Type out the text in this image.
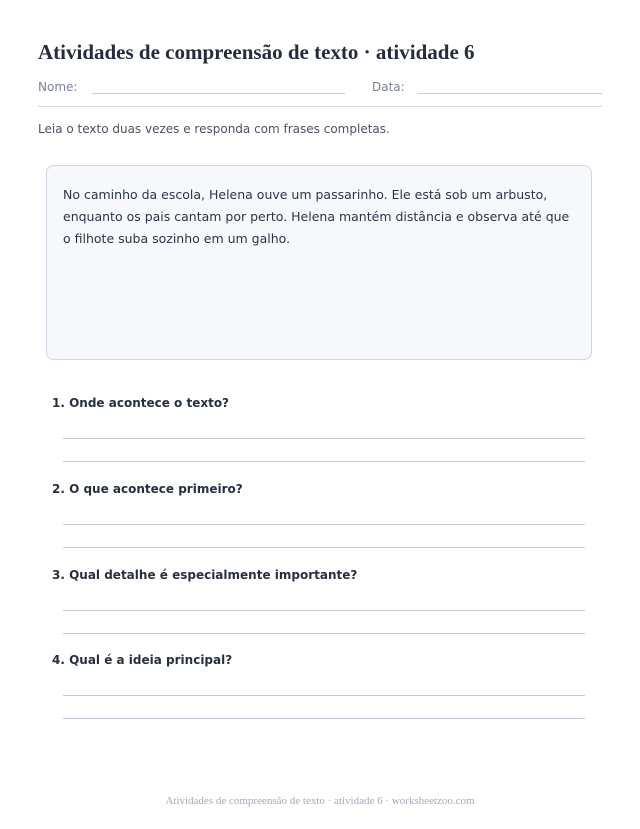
Atividades de compreensão de texto · atividade 6
Nome:	Data:
Leia o texto duas vezes e responda com frases completas.

No caminho da escola, Helena ouve um passarinho. Ele está sob um arbusto, enquanto os pais cantam por perto. Helena mantém distância e observa até que o filhote suba sozinho em um galho.

1. Onde acontece o texto?
2. O que acontece primeiro?
3. Qual detalhe é especialmente importante?
4. Qual é a ideia principal?
Atividades de compreensão de texto · atividade 6 · worksheetzoo.com
